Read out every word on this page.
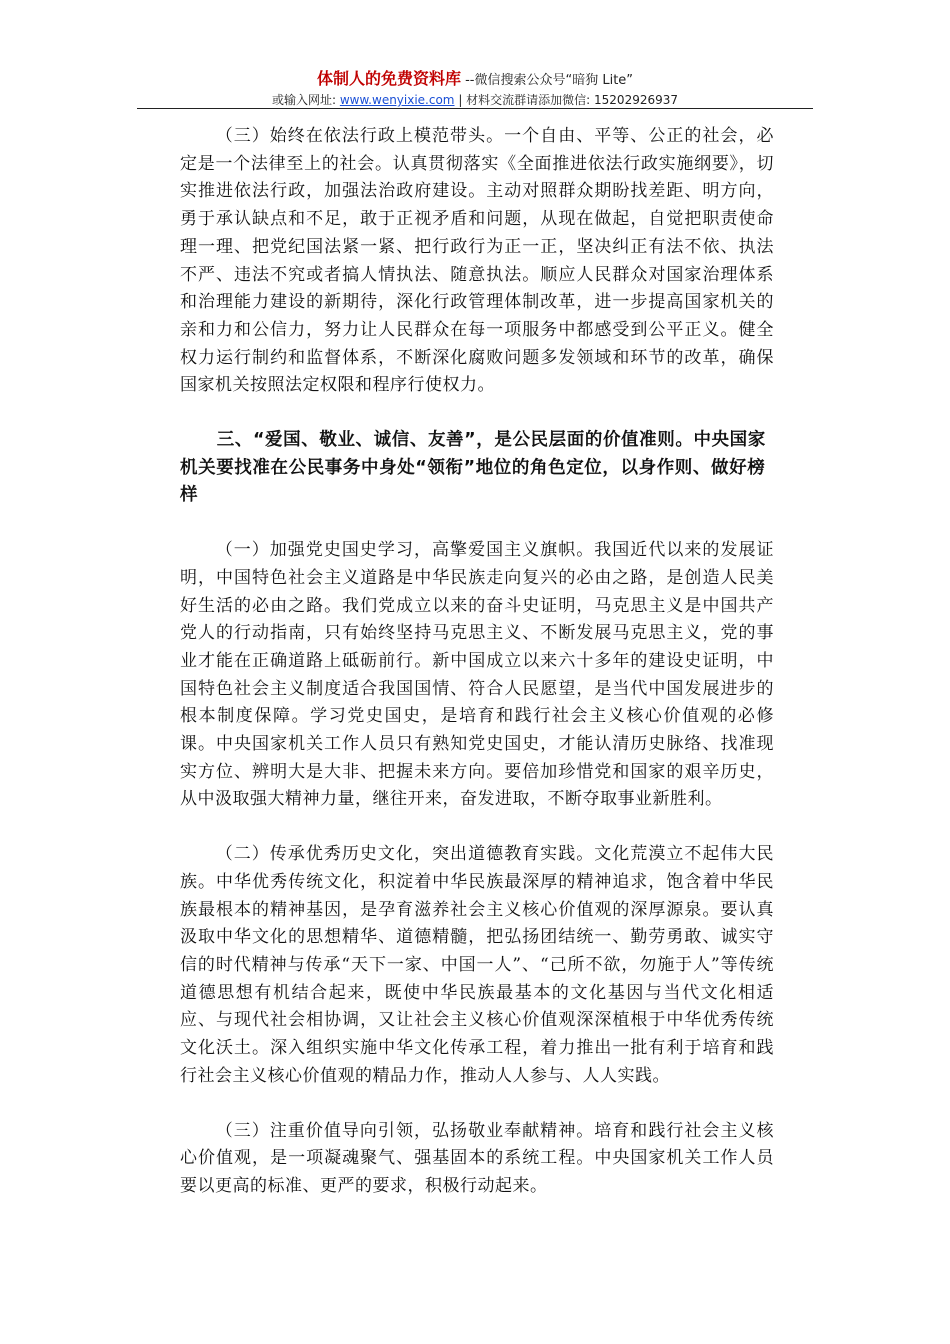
体制人的免费资料库 --微信搜索公众号“暗狗 Lite”
或输入网址: www.wenyixie.com | 材料交流群请添加微信: 15202926937

（三）始终在依法行政上模范带头。一个自由、平等、公正的社会，必定是一个法律至上的社会。认真贯彻落实《全面推进依法行政实施纲要》，切实推进依法行政，加强法治政府建设。主动对照群众期盼找差距、明方向，勇于承认缺点和不足，敢于正视矛盾和问题，从现在做起，自觉把职责使命理一理、把党纪国法紧一紧、把行政行为正一正，坚决纠正有法不依、执法不严、违法不究或者搞人情执法、随意执法。顺应人民群众对国家治理体系和治理能力建设的新期待，深化行政管理体制改革，进一步提高国家机关的亲和力和公信力，努力让人民群众在每一项服务中都感受到公平正义。健全权力运行制约和监督体系，不断深化腐败问题多发领域和环节的改革，确保国家机关按照法定权限和程序行使权力。

三、“爱国、敬业、诚信、友善”，是公民层面的价值准则。中央国家机关要找准在公民事务中身处“领衔”地位的角色定位，以身作则、做好榜样

（一）加强党史国史学习，高擎爱国主义旗帜。我国近代以来的发展证明，中国特色社会主义道路是中华民族走向复兴的必由之路，是创造人民美好生活的必由之路。我们党成立以来的奋斗史证明，马克思主义是中国共产党人的行动指南，只有始终坚持马克思主义、不断发展马克思主义，党的事业才能在正确道路上砥砺前行。新中国成立以来六十多年的建设史证明，中国特色社会主义制度适合我国国情、符合人民愿望，是当代中国发展进步的根本制度保障。学习党史国史，是培育和践行社会主义核心价值观的必修课。中央国家机关工作人员只有熟知党史国史，才能认清历史脉络、找准现实方位、辨明大是大非、把握未来方向。要倍加珍惜党和国家的艰辛历史，从中汲取强大精神力量，继往开来，奋发进取，不断夺取事业新胜利。

（二）传承优秀历史文化，突出道德教育实践。文化荒漠立不起伟大民族。中华优秀传统文化，积淀着中华民族最深厚的精神追求，饱含着中华民族最根本的精神基因，是孕育滋养社会主义核心价值观的深厚源泉。要认真汲取中华文化的思想精华、道德精髓，把弘扬团结统一、勤劳勇敢、诚实守信的时代精神与传承“天下一家、中国一人”、“己所不欲，勿施于人”等传统道德思想有机结合起来，既使中华民族最基本的文化基因与当代文化相适应、与现代社会相协调，又让社会主义核心价值观深深植根于中华优秀传统文化沃土。深入组织实施中华文化传承工程，着力推出一批有利于培育和践行社会主义核心价值观的精品力作，推动人人参与、人人实践。

（三）注重价值导向引领，弘扬敬业奉献精神。培育和践行社会主义核心价值观，是一项凝魂聚气、强基固本的系统工程。中央国家机关工作人员要以更高的标准、更严的要求，积极行动起来。
